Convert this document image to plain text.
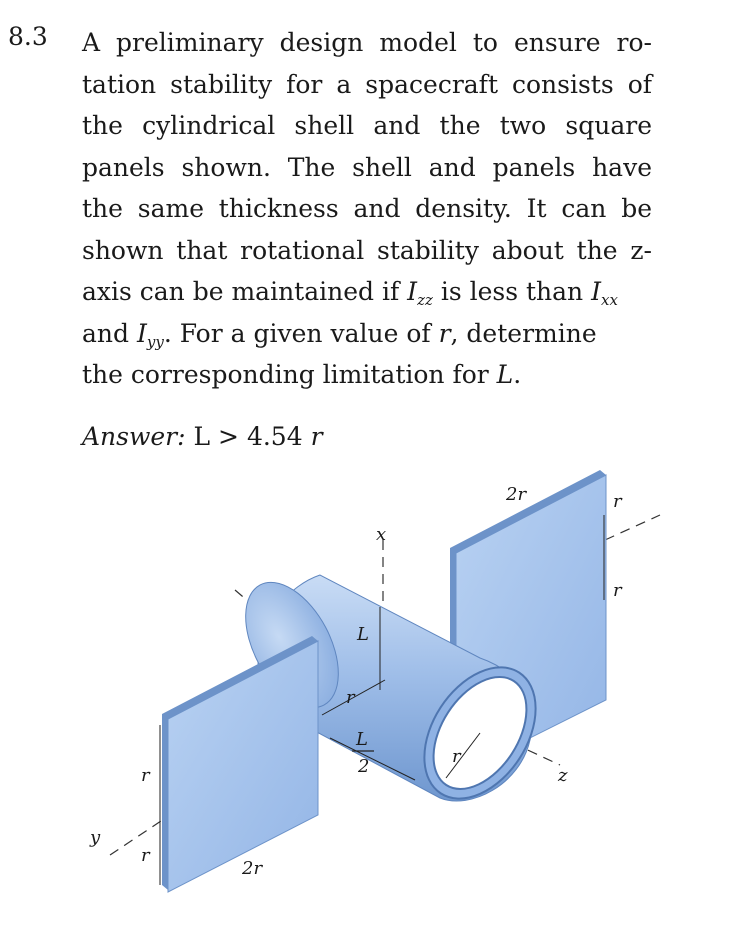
8.3 A preliminary design model to ensure ro-
tation stability for a spacecraft consists of
the cylindrical shell and the two square
panels shown. The shell and panels have
the same thickness and density. It can be
shown that rotational stability about the z-
axis can be maintained if $I_{zz}$ is less than $I_{xx}$
and $I_{yy}$. For a given value of r, determine
the corresponding limitation for L.
Answer: L > 4.54 r
2r	r
r
x
L
r
L
2	r
z
r
r
y
2r
